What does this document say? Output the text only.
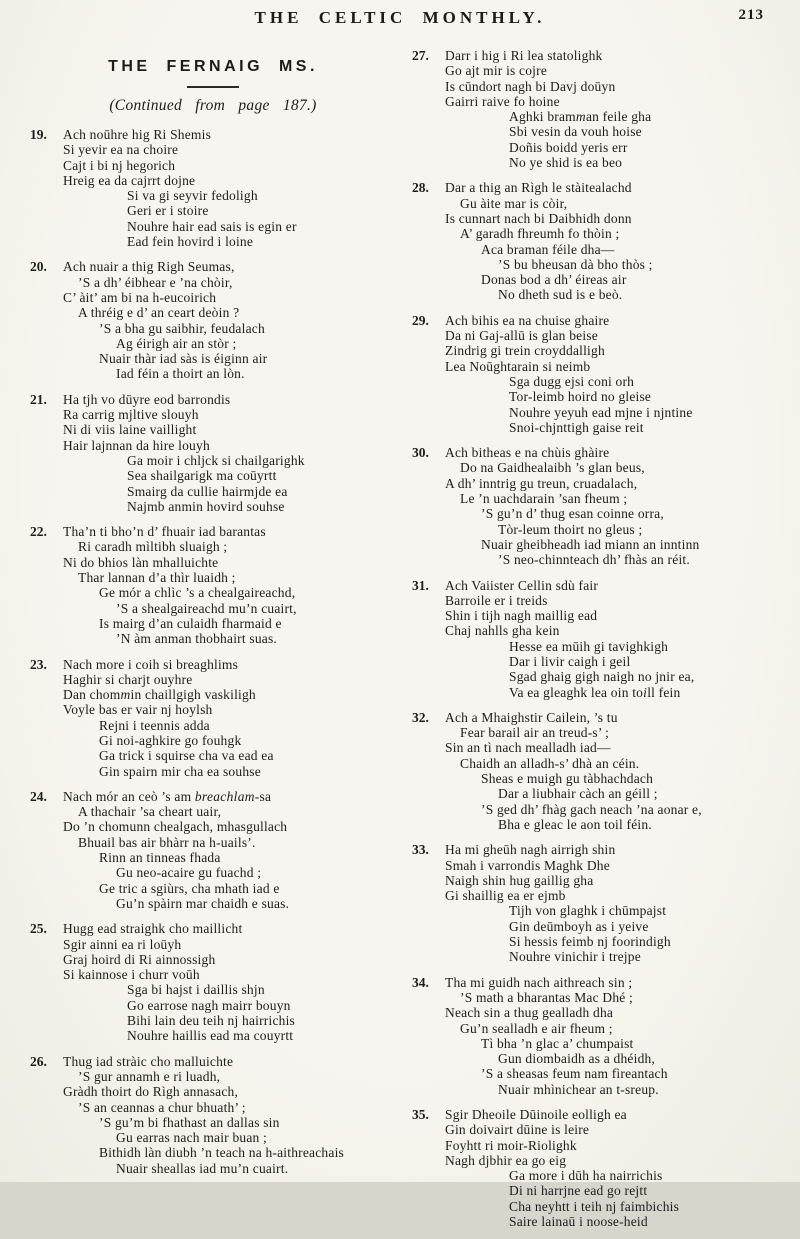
THE CELTIC MONTHLY.	213
THE FERNAIG MS.
(Continued from page 187.)
19.	Ach noūhre hig Ri Shemis

Si yevir ea na choire

Cajt i bi nj hegorich

Hreig ea da cajrrt dojne

Si va gi seyvir fedoligh

Geri er i stoire

Nouhre hair ead sais is egin er

Ead fein hovird i loine

20.	Ach nuair a thig Righ Seumas,

’S a dh’ éibhear e ’na chòir,

C’ àit’ am bi na h-eucoirich

A thréig e d’ an ceart deòin ?

’S a bha gu saibhir, feudalach

Ag éirigh air an stòr ;

Nuair thàr iad sàs is éiginn air

Iad féin a thoirt an lòn.

21.	Ha tjh vo dūyre eod barrondis

Ra carrig mjltive slouyh

Ni di viis laine vaillight

Hair lajnnan da hire louyh

Ga moir i chljck si chailgarighk

Sea shailgarigk ma coūyrtt

Smairg da cullie hairmjde ea

Najmb anmin hovird souhse

22.	Tha’n ti bho’n d’ fhuair iad barantas

Ri caradh mìltibh sluaigh ;

Ni do bhios làn mhalluichte

Thar lannan d’a thìr luaidh ;

Ge mór a chlìc ’s a chealgaireachd,

’S a shealgaireachd mu’n cuairt,

Is mairg d’an culaidh fharmaid e

’N àm anman thobhairt suas.

23.	Nach more i coih si breaghlims

Haghir si charjt ouyhre

Dan chommin chaillgigh vaskiligh

Voyle bas er vair nj hoylsh

Rejni i teennis adda

Gi noi-aghkire go fouhgk

Ga trick i squirse cha va ead ea

Gin spairn mir cha ea souhse

24.	Nach mór an ceò ’s am breachlam-sa

A thachair ’sa cheart uair,

Do ’n chomunn chealgach, mhasgullach

Bhuail bas air bhàrr na h-uails’.

Rinn an tinneas fhada

Gu neo-acaire gu fuachd ;

Ge tric a sgiùrs, cha mhath iad e

Gu’n spàirn mar chaidh e suas.

25.	Hugg ead straighk cho maillicht

Sgir ainni ea ri loūyh

Graj hoird di Ri ainnossigh

Si kainnose i churr voūh

Sga bi hajst i daillis shjn

Go earrose nagh mairr bouyn

Bihi lain deu teih nj hairrichis

Nouhre haillis ead ma couyrtt

26.	Thug iad stràic cho malluichte

’S gur annamh e ri luadh,

Gràdh thoirt do Rìgh annasach,

’S an ceannas a chur bhuath’ ;

’S gu’m bi fhathast an dallas sin

Gu earras nach mair buan ;

Bithidh làn diubh ’n teach na h-aithreachais

Nuair sheallas iad mu’n cuairt.

27.	Darr i hig i Ri lea statolighk

Go ajt mir is cojre

Is cūndort nagh bi Davj doūyn

Gairri raive fo hoine

Aghki bramman feile gha

Sbi vesin da vouh hoise

Doñis boidd yeris err

No ye shid is ea beo

28.	Dar a thig an Rìgh le stàitealachd

Gu àite mar is còir,

Is cunnart nach bi Daibhidh donn

A’ garadh fhreumh fo thòin ;

Aca braman féile dha—

’S bu bheusan dà bho thòs ;

Donas bod a dh’ éireas air

No dheth sud is e beò.

29.	Ach bihis ea na chuise ghaire

Da ni Gaj-allū is glan beise

Zindrig gi trein croyddalligh

Lea Noūghtarain si neimb

Sga dugg ejsi coni orh

Tor-leimb hoird no gleise

Nouhre yeyuh ead mjne i njntine

Snoi-chjnttigh gaise reit

30.	Ach bitheas e na chùis ghàire

Do na Gaidhealaibh ’s glan beus,

A dh’ inntrig gu treun, cruadalach,

Le ’n uachdarain ’san fheum ;

’S gu’n d’ thug esan coinne orra,

Tòr-leum thoirt no gleus ;

Nuair gheibheadh iad miann an inntinn

’S neo-chinnteach dh’ fhàs an réit.

31.	Ach Vaiister Cellin sdù fair

Barroile er i treids

Shin i tijh nagh maillig ead

Chaj nahlls gha kein

Hesse ea mūih gi tavighkigh

Dar i livir caigh i geil

Sgad ghaig gigh naigh no jnir ea,

Va ea gleaghk lea oin toill fein

32.	Ach a Mhaighstir Cailein, ’s tu

Fear barail air an treud-s’ ;

Sin an tì nach mealladh iad—

Chaidh an alladh-s’ dhà an céin.

Sheas e muigh gu tàbhachdach

Dar a liubhair càch an géill ;

’S ged dh’ fhàg gach neach ’na aonar e,

Bha e gleac le aon toil féin.

33.	Ha mi gheūh nagh airrigh shin

Smah i varrondis Maghk Dhe

Naigh shin hug gaillig gha

Gi shaillig ea er ejmb

Tijh von glaghk i chūmpajst

Gin deūmboyh as i yeive

Si hessis feimb nj foorindigh

Nouhre vinichir i trejpe

34.	Tha mi guidh nach aithreach sin ;

’S math a bharantas Mac Dhé ;

Neach sin a thug gealladh dha

Gu’n sealladh e air fheum ;

Tì bha ’n glac a’ chumpaist

Gun diombaidh as a dhéidh,

’S a sheasas feum nam fìreantach

Nuair mhìnichear an t-sreup.

35.	Sgir Dheoile Dūinoile eolligh ea

Gin doivairt dūine is leire

Foyhtt ri moir-Riolighk

Nagh djbhir ea go eig

Ga more i dūh ha nairrichis

Di ni harrjne ead go rejtt

Cha neyhtt i teih nj faimbichis

Saire lainaū i noose-heid
